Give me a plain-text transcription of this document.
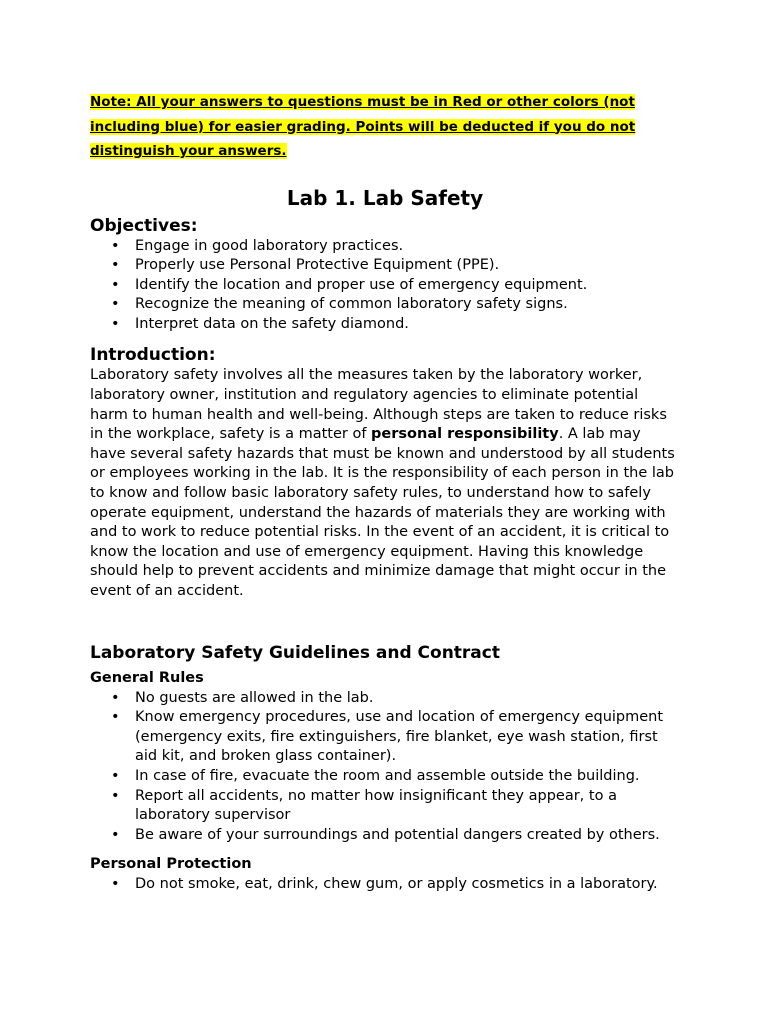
Note: All your answers to questions must be in Red or other colors (not including blue) for easier grading. Points will be deducted if you do not distinguish your answers.

Lab 1. Lab Safety
Objectives:
• Engage in good laboratory practices.
• Properly use Personal Protective Equipment (PPE).
• Identify the location and proper use of emergency equipment.
• Recognize the meaning of common laboratory safety signs.
• Interpret data on the safety diamond.
Introduction:

Laboratory safety involves all the measures taken by the laboratory worker, laboratory owner, institution and regulatory agencies to eliminate potential harm to human health and well-being. Although steps are taken to reduce risks in the workplace, safety is a matter of personal responsibility. A lab may have several safety hazards that must be known and understood by all students or employees working in the lab. It is the responsibility of each person in the lab to know and follow basic laboratory safety rules, to understand how to safely operate equipment, understand the hazards of materials they are working with and to work to reduce potential risks. In the event of an accident, it is critical to know the location and use of emergency equipment. Having this knowledge should help to prevent accidents and minimize damage that might occur in the event of an accident.

Laboratory Safety Guidelines and Contract
General Rules
• No guests are allowed in the lab.
• Know emergency procedures, use and location of emergency equipment (emergency exits, fire extinguishers, fire blanket, eye wash station, first aid kit, and broken glass container).
• In case of fire, evacuate the room and assemble outside the building.
• Report all accidents, no matter how insignificant they appear, to a laboratory supervisor
• Be aware of your surroundings and potential dangers created by others.
Personal Protection
• Do not smoke, eat, drink, chew gum, or apply cosmetics in a laboratory.
